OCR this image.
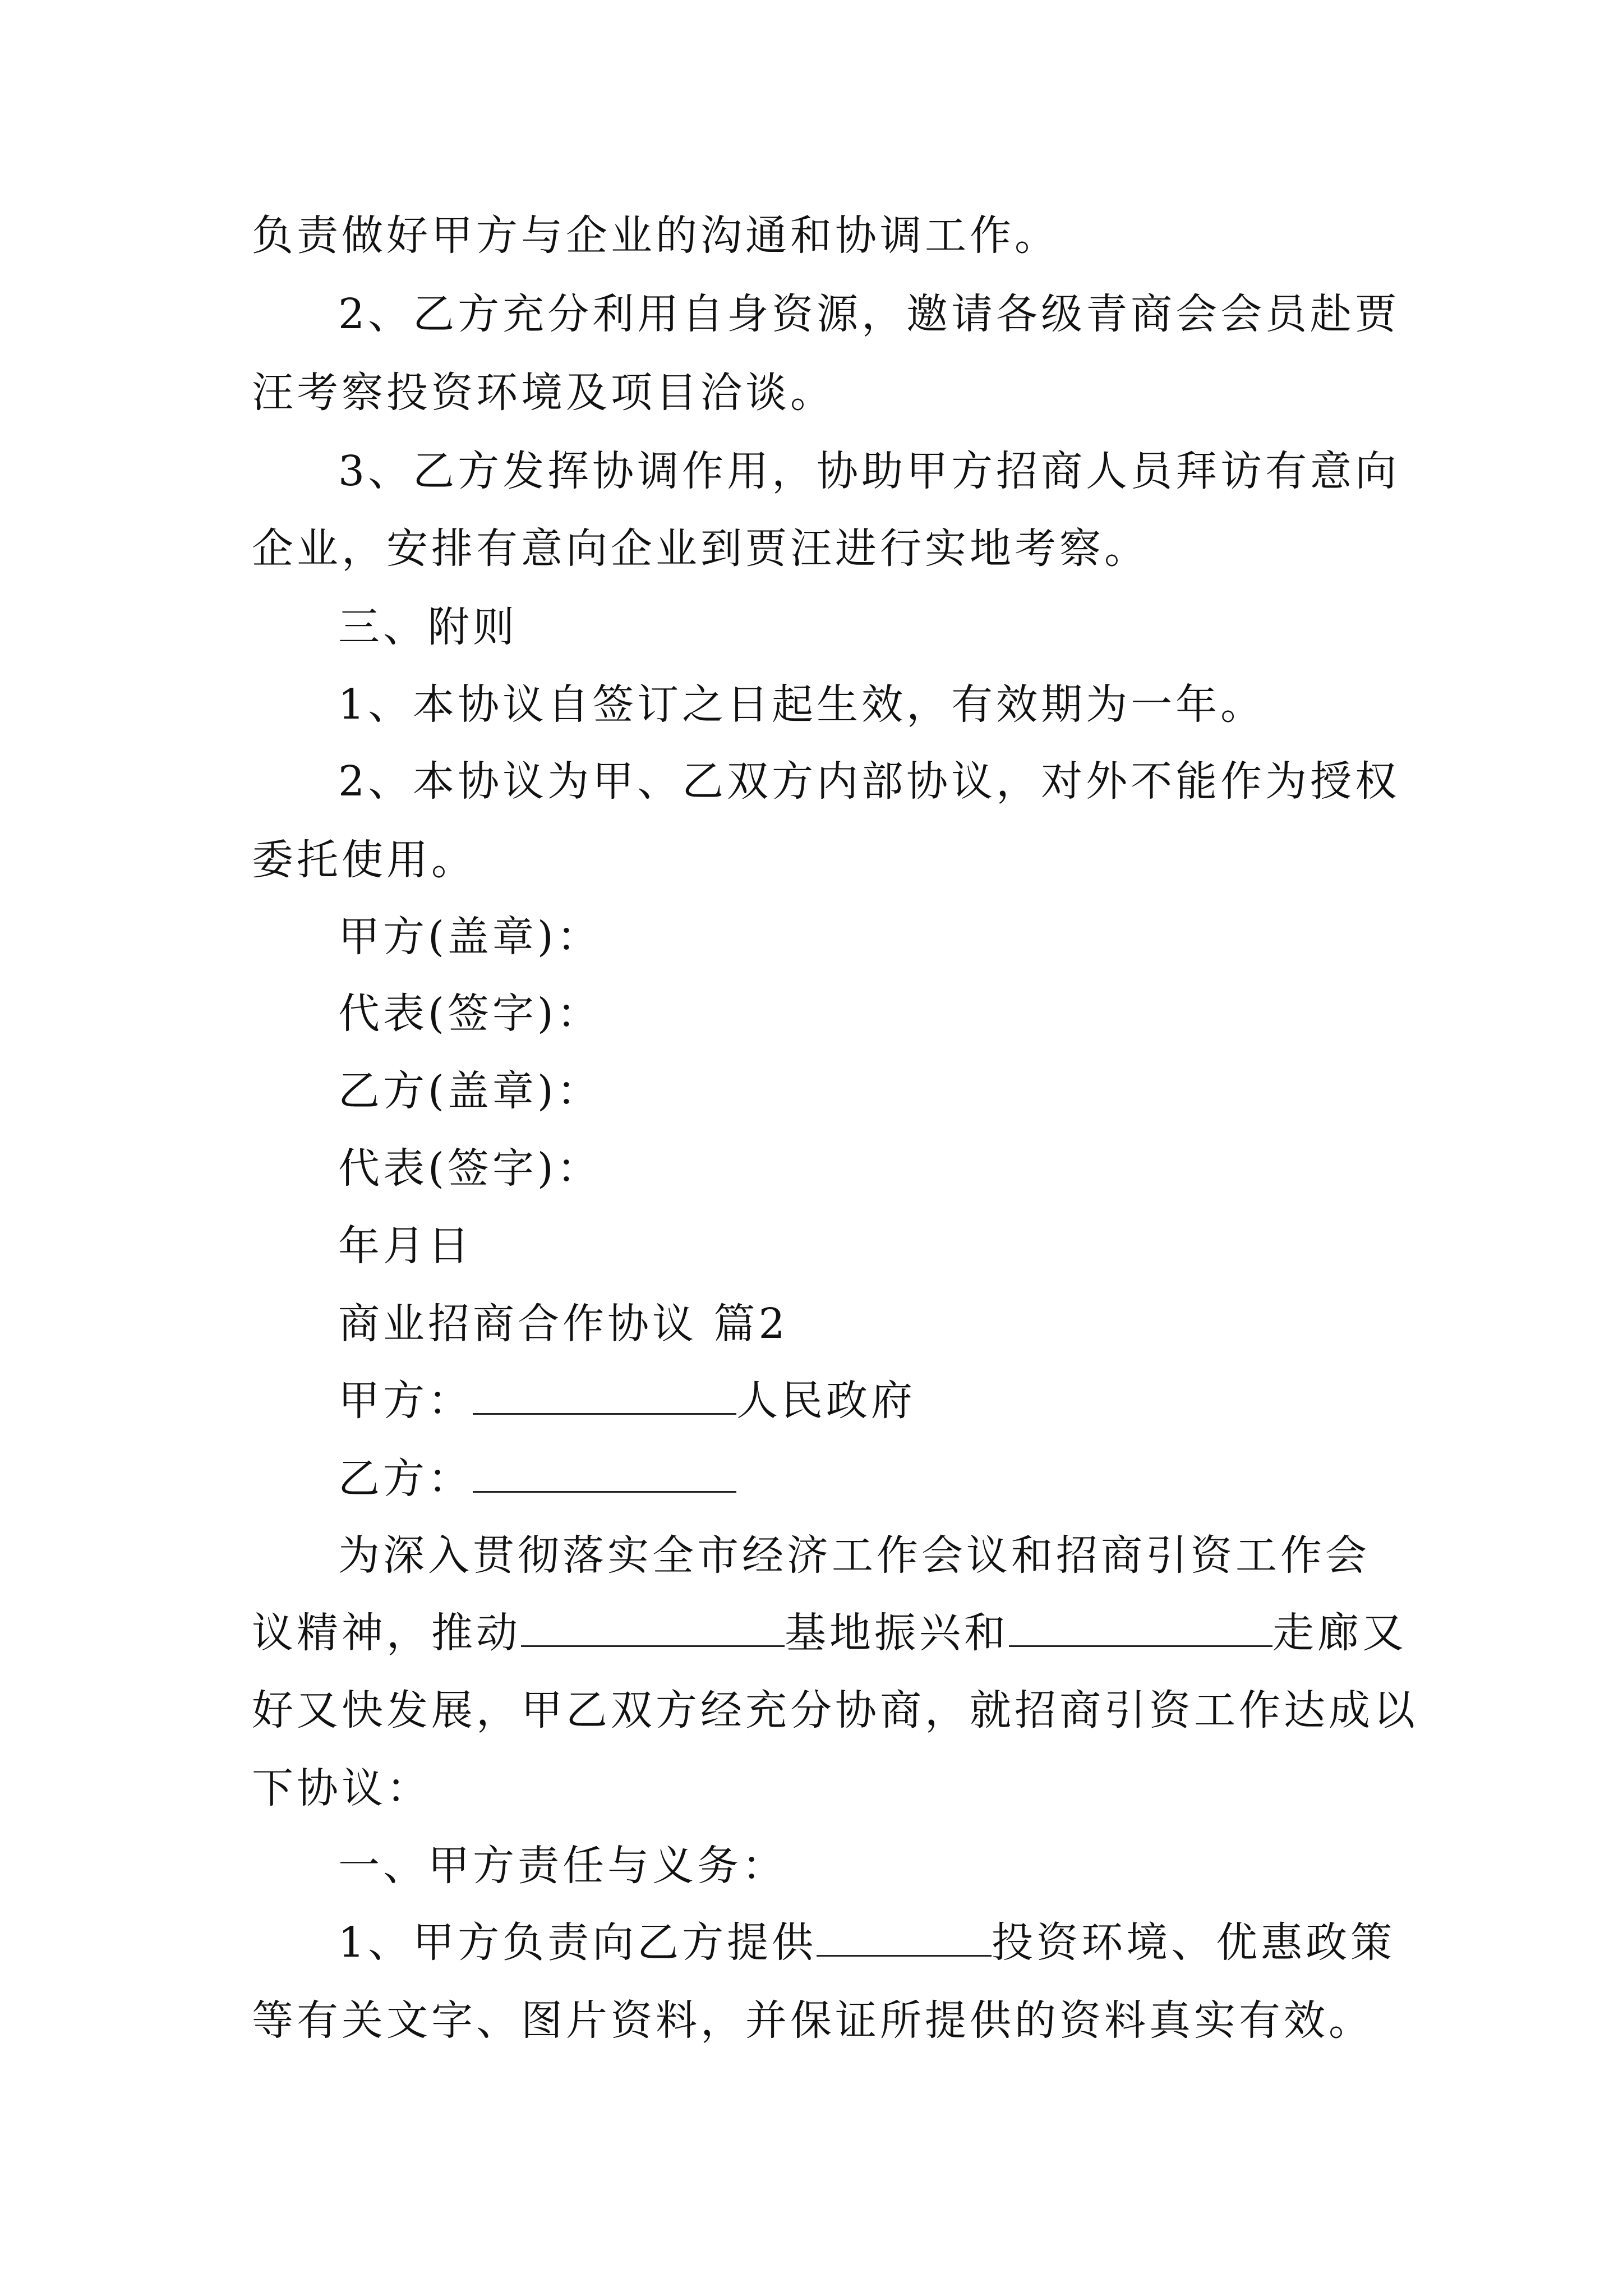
负责做好甲方与企业的沟通和协调工作。
2、乙方充分利用自身资源，邀请各级青商会会员赴贾
汪考察投资环境及项目洽谈。
3、乙方发挥协调作用，协助甲方招商人员拜访有意向
企业，安排有意向企业到贾汪进行实地考察。
三、附则
1、本协议自签订之日起生效，有效期为一年。
2、本协议为甲、乙双方内部协议，对外不能作为授权
委托使用。
甲方(盖章)：
代表(签字)：
乙方(盖章)：
代表(签字)：
年月日
商业招商合作协议 篇2
甲方：	人民政府
乙方：
为深入贯彻落实全市经济工作会议和招商引资工作会
议精神，推动	基地振兴和	走廊又
好又快发展，甲乙双方经充分协商，就招商引资工作达成以
下协议：
一、甲方责任与义务：
1、甲方负责向乙方提供	投资环境、优惠政策
等有关文字、图片资料，并保证所提供的资料真实有效。
